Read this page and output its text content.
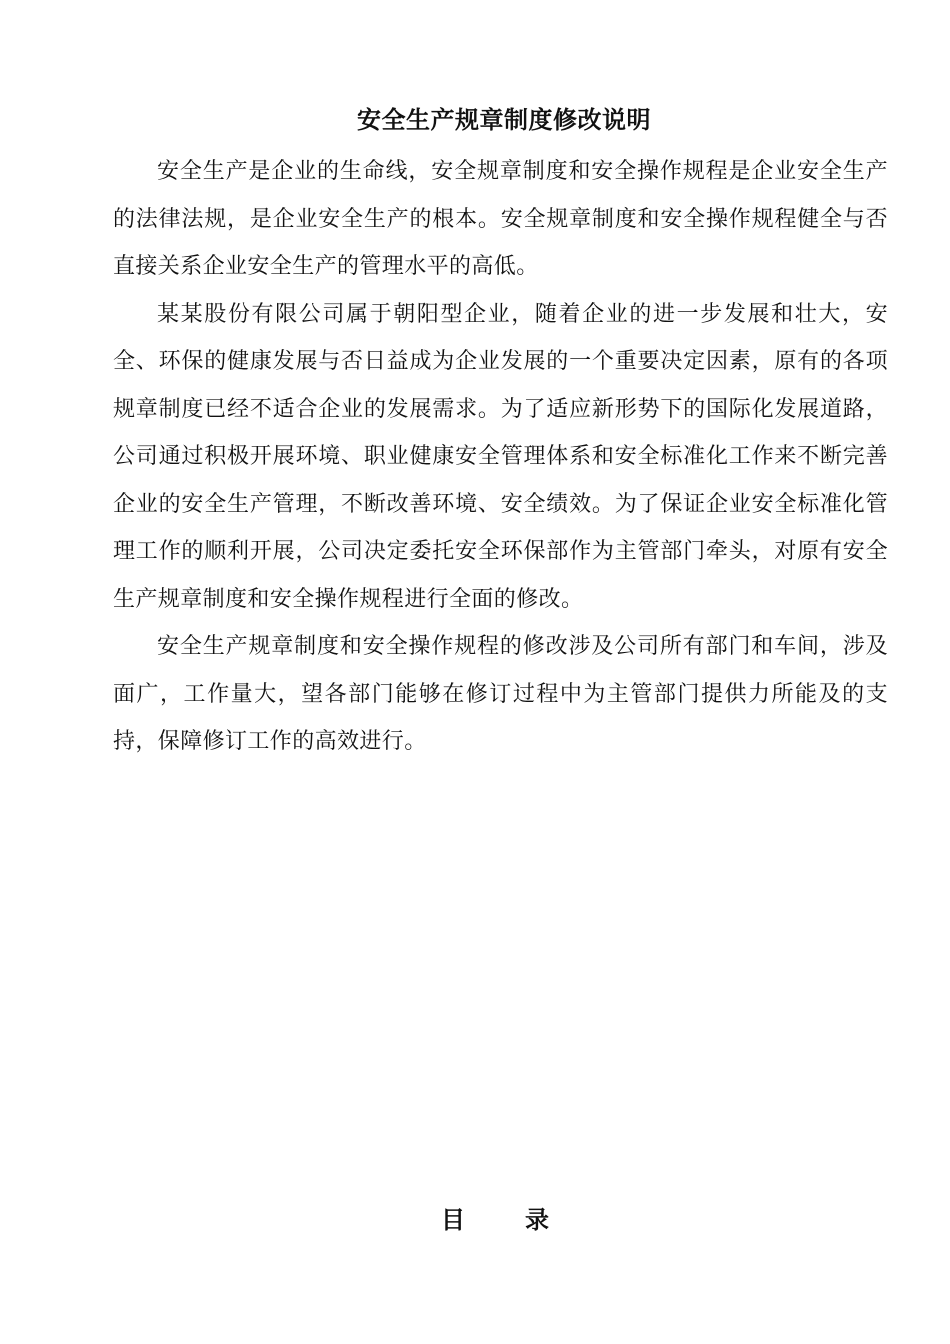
安全生产规章制度修改说明

安全生产是企业的生命线，安全规章制度和安全操作规程是企业安全生产的法律法规，是企业安全生产的根本。安全规章制度和安全操作规程健全与否直接关系企业安全生产的管理水平的高低。

某某股份有限公司属于朝阳型企业，随着企业的进一步发展和壮大，安全、环保的健康发展与否日益成为企业发展的一个重要决定因素，原有的各项规章制度已经不适合企业的发展需求。为了适应新形势下的国际化发展道路，公司通过积极开展环境、职业健康安全管理体系和安全标准化工作来不断完善企业的安全生产管理，不断改善环境、安全绩效。为了保证企业安全标准化管理工作的顺利开展，公司决定委托安全环保部作为主管部门牵头，对原有安全生产规章制度和安全操作规程进行全面的修改。

安全生产规章制度和安全操作规程的修改涉及公司所有部门和车间，涉及面广，工作量大，望各部门能够在修订过程中为主管部门提供力所能及的支持，保障修订工作的高效进行。

目录
